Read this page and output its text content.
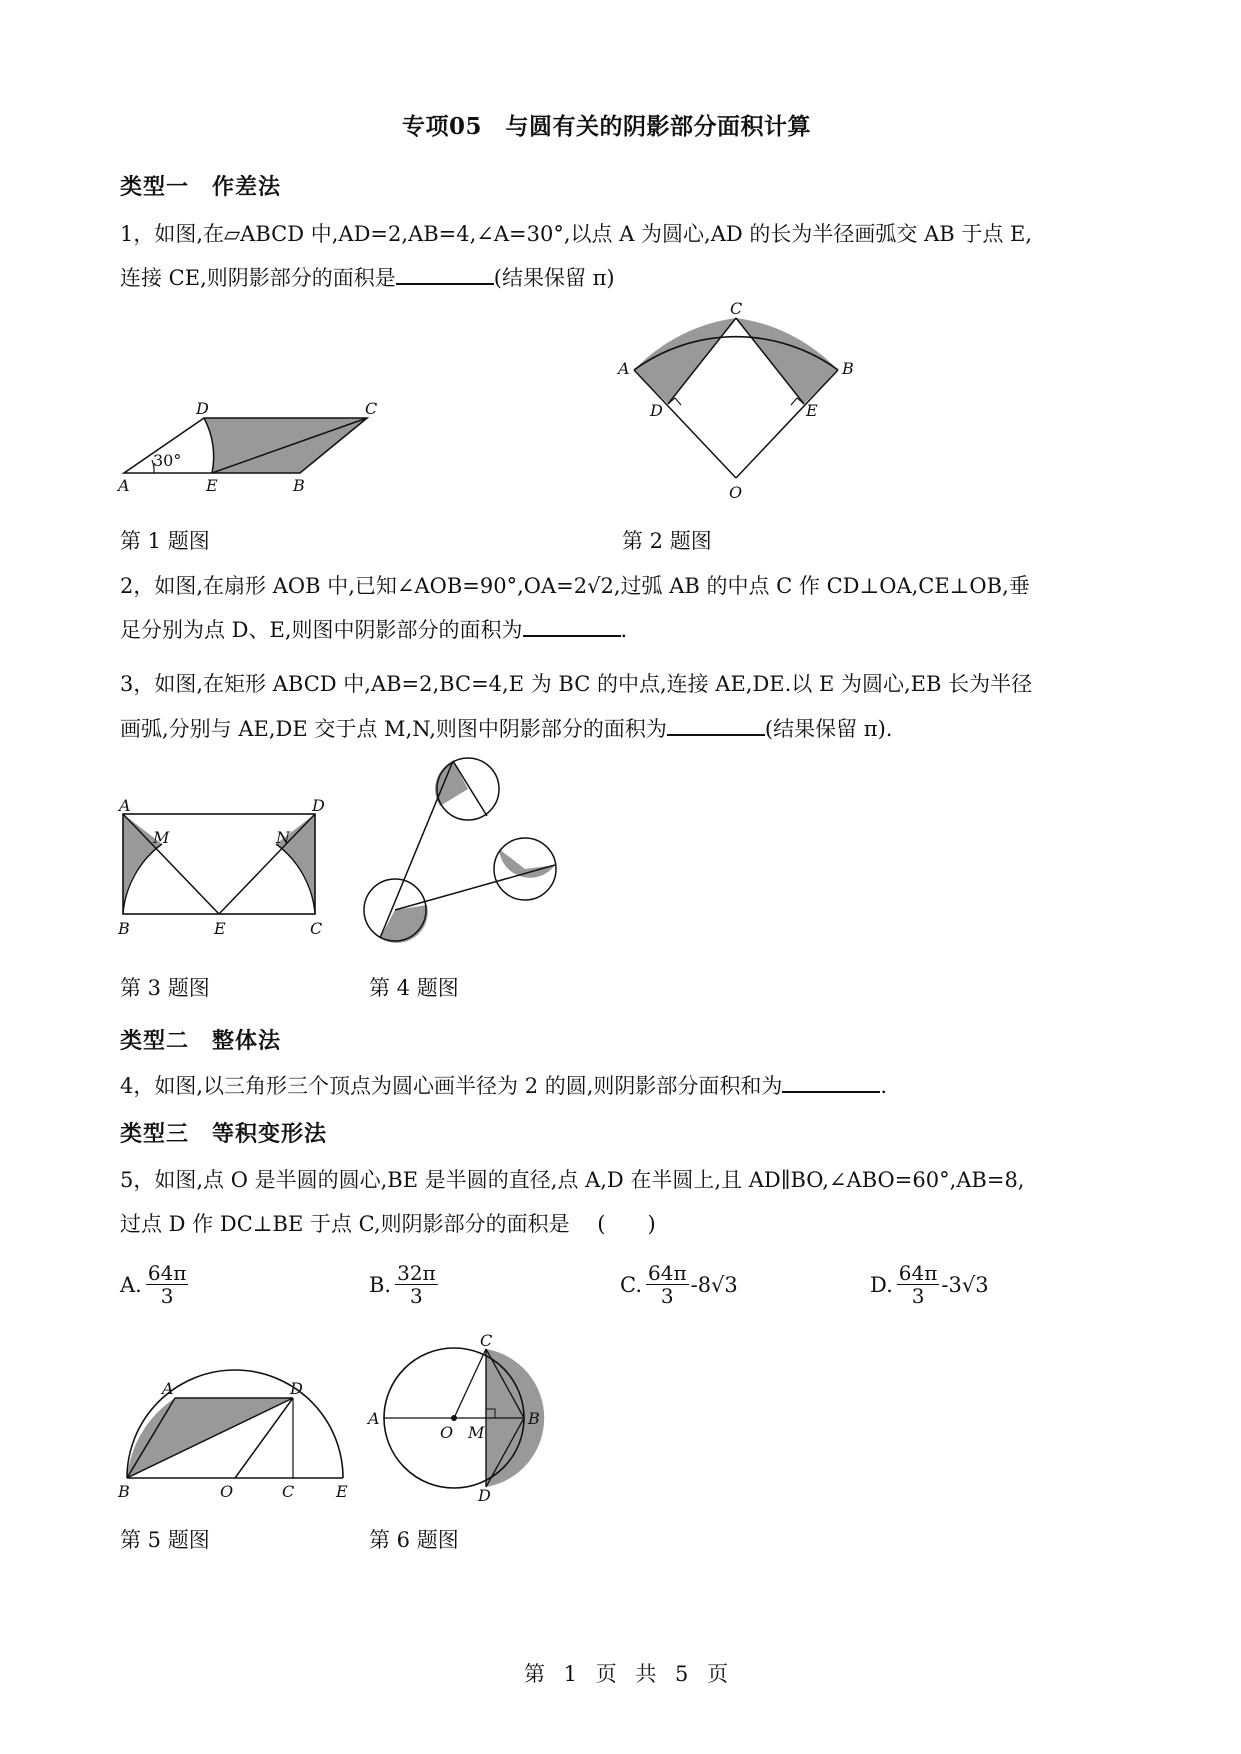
专项05　与圆有关的阴影部分面积计算
类型一　作差法
1，如图,在▱ABCD 中,AD=2,AB=4,∠A=30°,以点 A 为圆心,AD 的长为半径画弧交 AB 于点 E,
连接 CE,则阴影部分的面积是	(结果保留 π)
30°
A	E	B
D	C
A
C
B
D	E
O
第 1 题图	第 2 题图
2，如图,在扇形 AOB 中,已知∠AOB=90°,OA=2√2,过弧 AB 的中点 C 作 CD⊥OA,CE⊥OB,垂
足分别为点 D、E,则图中阴影部分的面积为	.
3，如图,在矩形 ABCD 中,AB=2,BC=4,E 为 BC 的中点,连接 AE,DE.以 E 为圆心,EB 长为半径
画弧,分别与 AE,DE 交于点 M,N,则图中阴影部分的面积为	(结果保留 π).
A	D
M	N
B	E	C
第 3 题图	第 4 题图
类型二　整体法
4，如图,以三角形三个顶点为圆心画半径为 2 的圆,则阴影部分面积和为	.
类型三　等积变形法
5，如图,点 O 是半圆的圆心,BE 是半圆的直径,点 A,D 在半圆上,且 AD∥BO,∠ABO=60°,AB=8,
过点 D 作 DC⊥BE 于点 C,则阴影部分的面积是　 (　　)
A. $\frac{64\pi}{3}$	B. $\frac{32\pi}{3}$	C. $\frac{64\pi}{3} -8√3$	D. $\frac{64\pi}{3} -3√3$
A	D
B	O	C	E
A	B
C
D
O M
第 5 题图	第 6 题图
第 1 页 共 5 页
